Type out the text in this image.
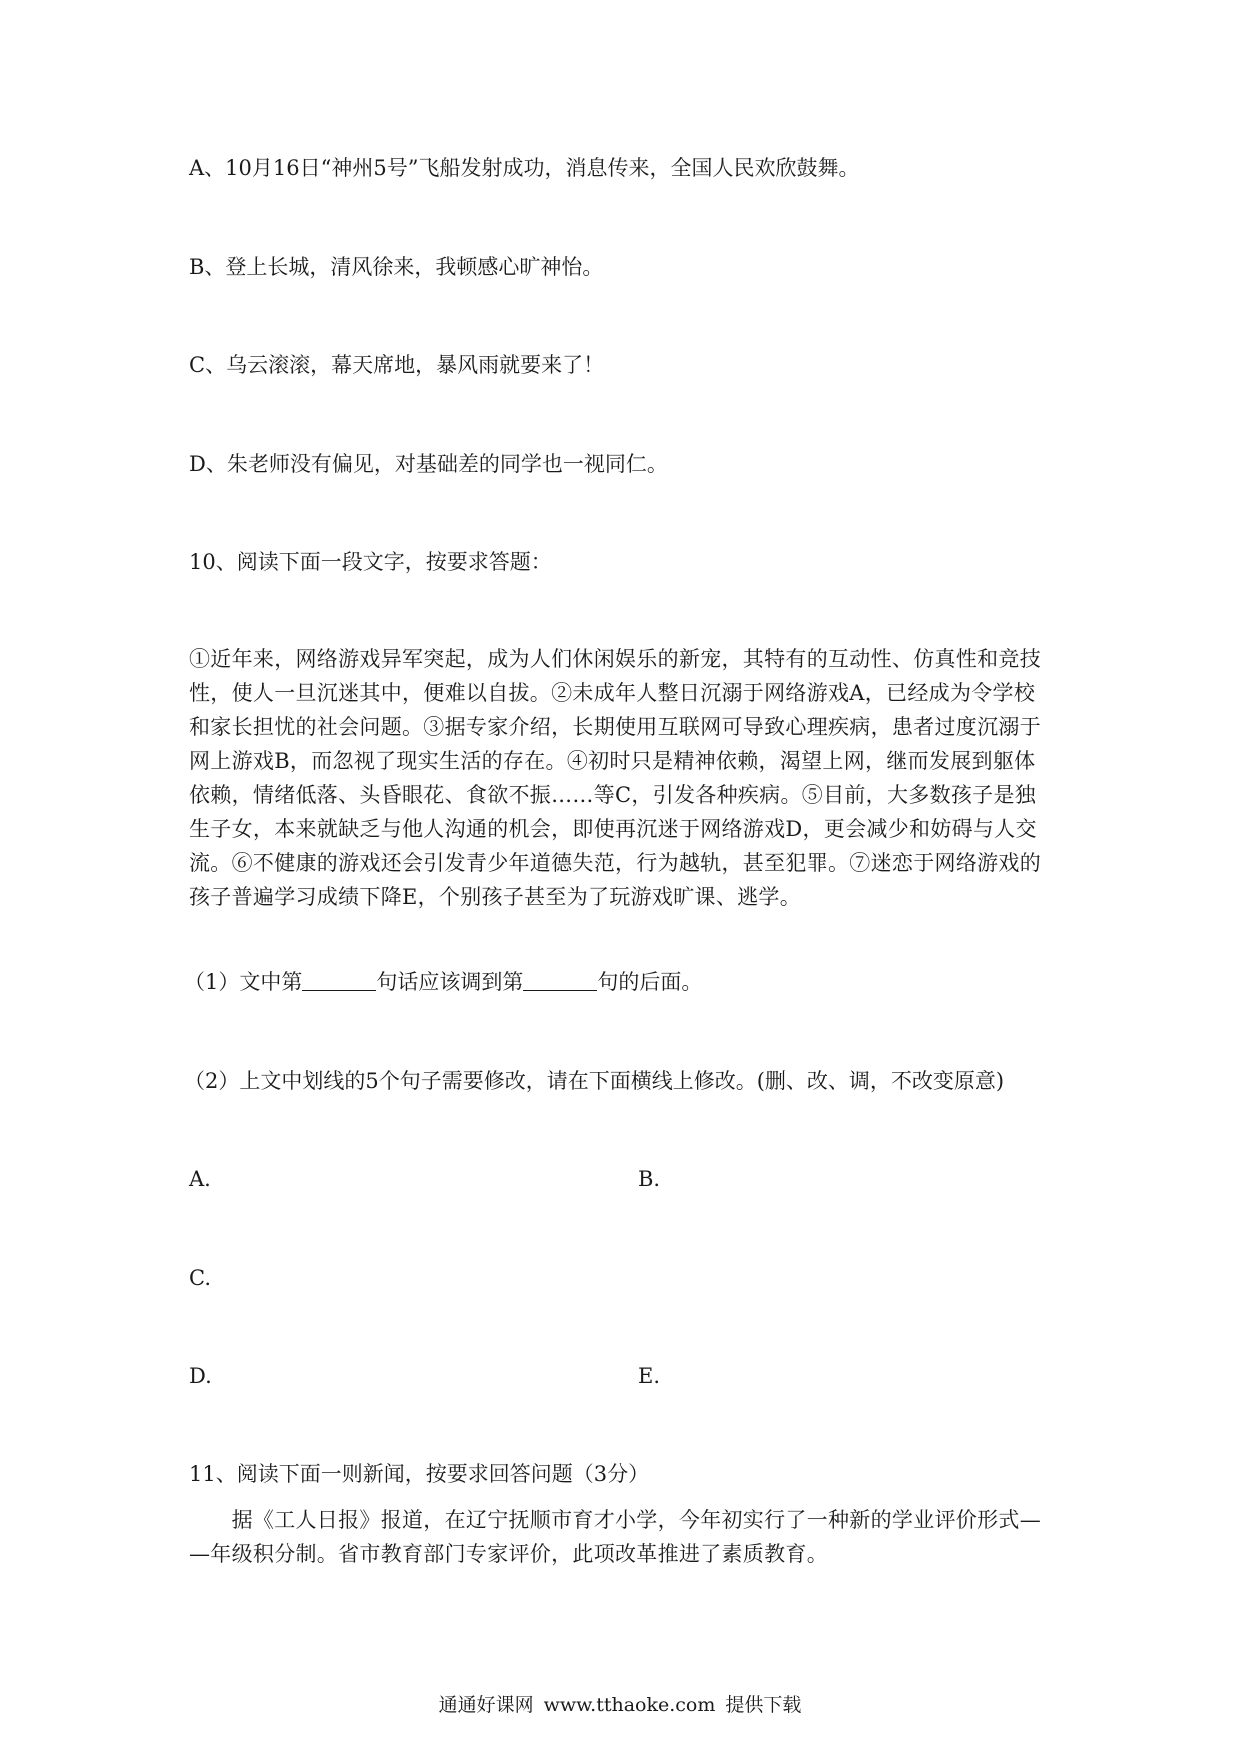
A、10月16日“神州5号”飞船发射成功，消息传来，全国人民欢欣鼓舞。
B、登上长城，清风徐来，我顿感心旷神怡。
C、乌云滚滚，幕天席地，暴风雨就要来了！
D、朱老师没有偏见，对基础差的同学也一视同仁。
10、阅读下面一段文字，按要求答题：

①近年来，网络游戏异军突起，成为人们休闲娱乐的新宠，其特有的互动性、仿真性和竞技

性，使人一旦沉迷其中，便难以自拔。②未成年人整日沉溺于网络游戏A，已经成为令学校

和家长担忧的社会问题。③据专家介绍，长期使用互联网可导致心理疾病，患者过度沉溺于

网上游戏B，而忽视了现实生活的存在。④初时只是精神依赖，渴望上网，继而发展到躯体

依赖，情绪低落、头昏眼花、食欲不振……等C，引发各种疾病。⑤目前，大多数孩子是独

生子女，本来就缺乏与他人沟通的机会，即使再沉迷于网络游戏D，更会减少和妨碍与人交

流。⑥不健康的游戏还会引发青少年道德失范，行为越轨，甚至犯罪。⑦迷恋于网络游戏的

孩子普遍学习成绩下降E，个别孩子甚至为了玩游戏旷课、逃学。

（1）文中第	句话应该调到第	句的后面。
（2）上文中划线的5个句子需要修改，请在下面横线上修改。(删、改、调，不改变原意)
A.	B.
C.
D.	E.
11、阅读下面一则新闻，按要求回答问题（3分）

　　据《工人日报》报道，在辽宁抚顺市育才小学，今年初实行了一种新的学业评价形式—

—年级积分制。省市教育部门专家评价，此项改革推进了素质教育。

通通好课网 www.tthaoke.com 提供下载
